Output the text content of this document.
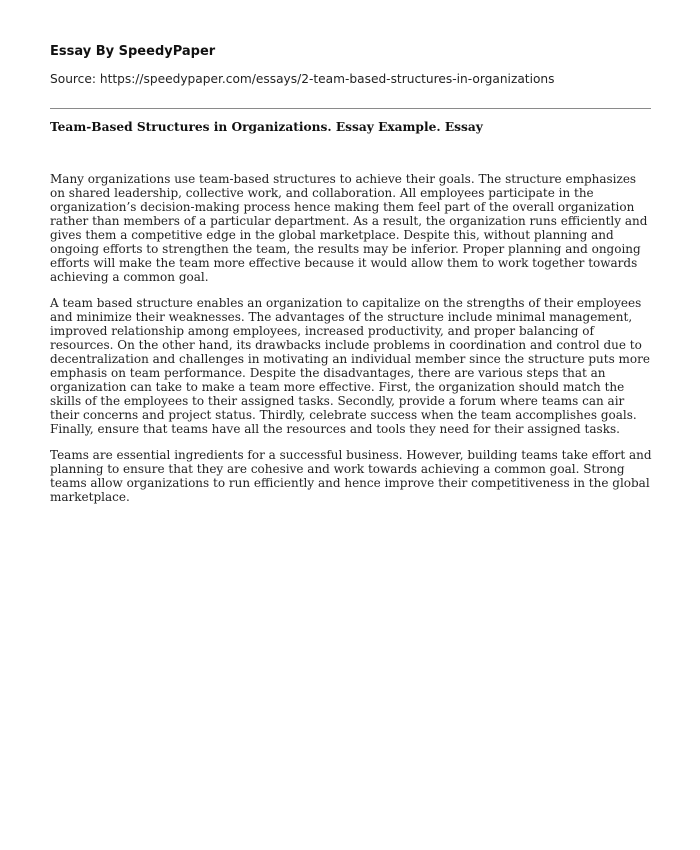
Essay By SpeedyPaper
Source: https://speedypaper.com/essays/2-team-based-structures-in-organizations
Team-Based Structures in Organizations. Essay Example. Essay

Many organizations use team-based structures to achieve their goals. The structure emphasizes on shared leadership, collective work, and collaboration. All employees participate in the organization’s decision-making process hence making them feel part of the overall organization rather than members of a particular department. As a result, the organization runs efficiently and gives them a competitive edge in the global marketplace. Despite this, without planning and ongoing efforts to strengthen the team, the results may be inferior. Proper planning and ongoing efforts will make the team more effective because it would allow them to work together towards achieving a common goal.

A team based structure enables an organization to capitalize on the strengths of their employees and minimize their weaknesses. The advantages of the structure include minimal management, improved relationship among employees, increased productivity, and proper balancing of resources. On the other hand, its drawbacks include problems in coordination and control due to decentralization and challenges in motivating an individual member since the structure puts more emphasis on team performance. Despite the disadvantages, there are various steps that an organization can take to make a team more effective. First, the organization should match the skills of the employees to their assigned tasks. Secondly, provide a forum where teams can air their concerns and project status. Thirdly, celebrate success when the team accomplishes goals. Finally, ensure that teams have all the resources and tools they need for their assigned tasks.

Teams are essential ingredients for a successful business. However, building teams take effort and planning to ensure that they are cohesive and work towards achieving a common goal. Strong teams allow organizations to run efficiently and hence improve their competitiveness in the global marketplace.
